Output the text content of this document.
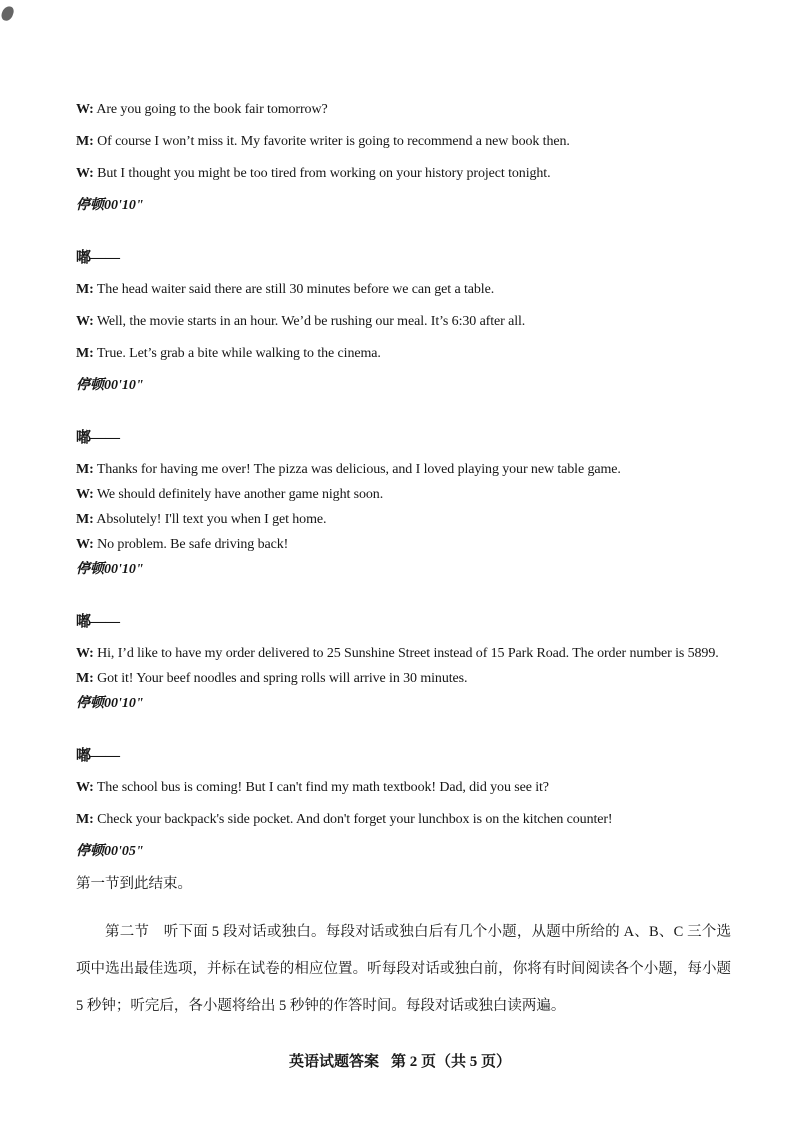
W: Are you going to the book fair tomorrow?

M: Of course I won’t miss it. My favorite writer is going to recommend a new book then.

W: But I thought you might be too tired from working on your history project tonight.

停顿00'10"

嘟——

M: The head waiter said there are still 30 minutes before we can get a table.

W: Well, the movie starts in an hour. We’d be rushing our meal. It’s 6:30 after all.

M: True. Let’s grab a bite while walking to the cinema.

停顿00'10"

嘟——

M: Thanks for having me over! The pizza was delicious, and I loved playing your new table game.

W: We should definitely have another game night soon.

M: Absolutely! I'll text you when I get home.

W: No problem. Be safe driving back!

停顿00'10"

嘟——

W: Hi, I’d like to have my order delivered to 25 Sunshine Street instead of 15 Park Road. The order number is 5899.

M: Got it! Your beef noodles and spring rolls will arrive in 30 minutes.

停顿00'10"

嘟——

W: The school bus is coming! But I can't find my math textbook! Dad, did you see it?

M: Check your backpack's side pocket. And don't forget your lunchbox is on the kitchen counter!

停顿00'05"

第一节到此结束。

第二节　听下面 5 段对话或独白。每段对话或独白后有几个小题，从题中所给的 A、B、C 三个选项中选出最佳选项，并标在试卷的相应位置。听每段对话或独白前，你将有时间阅读各个小题，每小题 5 秒钟；听完后，各小题将给出 5 秒钟的作答时间。每段对话或独白读两遍。

英语试题答案 第 2 页（共 5 页）
